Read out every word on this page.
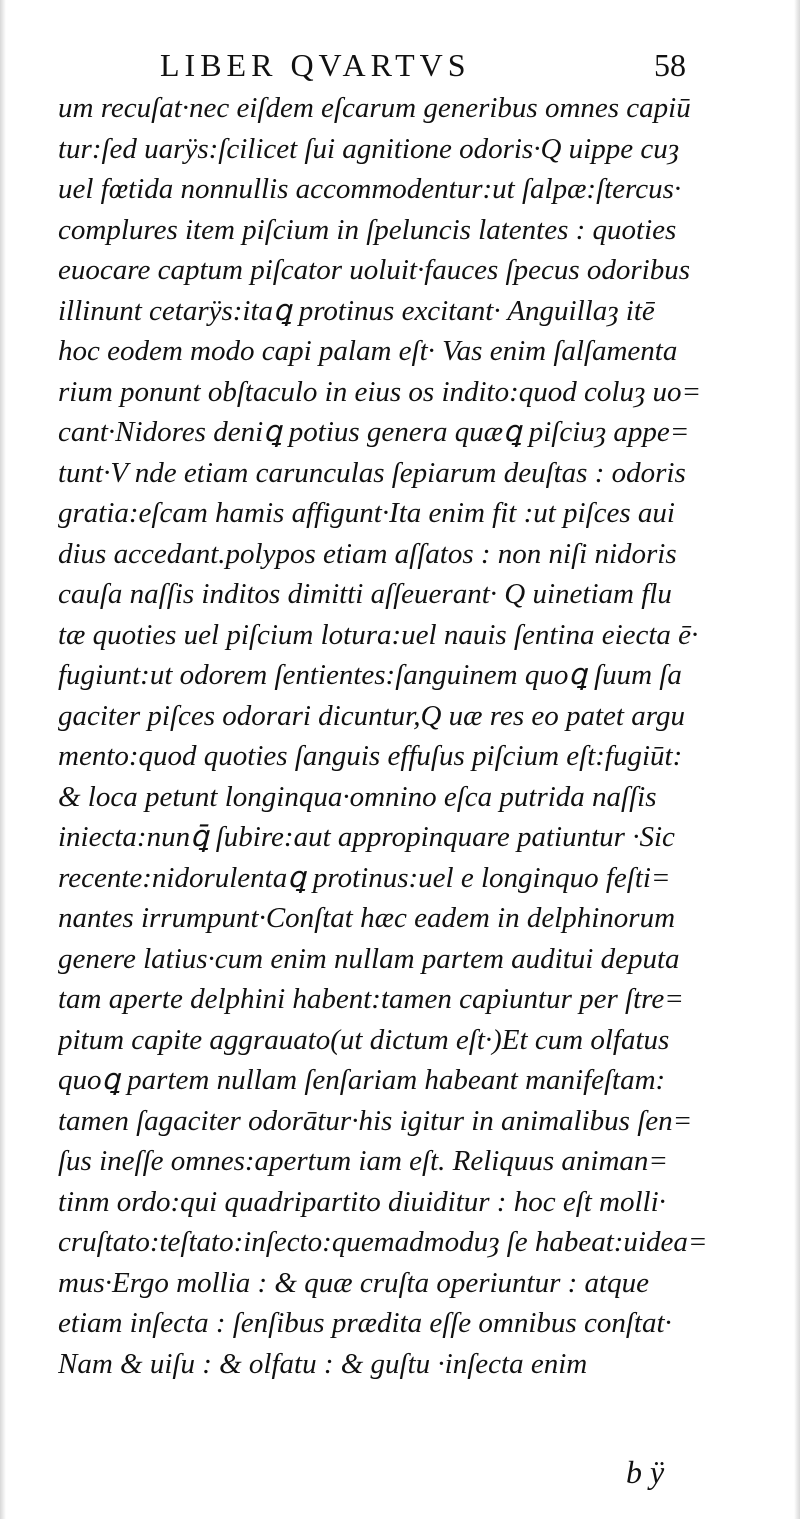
LIBER QVARTVS	58
um recuſat·nec eiſdem eſcarum generibus omnes capiū
tur:ſed uarÿs:ſcilicet ſui agnitione odoris·Q uippe cuȝ
uel fœtida nonnullis accommodentur:ut ſalpæ:ſtercus·
complures item piſcium in ſpeluncis latentes : quoties
euocare captum piſcator uoluit·fauces ſpecus odoribus
illinunt cetarÿs:itaꝗ protinus excitant· Anguillaȝ itē
hoc eodem modo capi palam eſt· Vas enim ſalſamenta
rium ponunt obſtaculo in eius os indito:quod coluȝ uo=
cant·Nidores deniꝗ potius genera quæꝗ piſciuȝ appe=
tunt·V nde etiam carunculas ſepiarum deuſtas : odoris
gratia:eſcam hamis affigunt·Ita enim fit :ut piſces aui
dius accedant.polypos etiam aſſatos : non niſi nidoris
cauſa naſſis inditos dimitti aſſeuerant· Q uinetiam flu
tæ quoties uel piſcium lotura:uel nauis ſentina eiecta ē·
fugiunt:ut odorem ſentientes:ſanguinem quoꝗ ſuum ſa
gaciter piſces odorari dicuntur,Q uæ res eo patet argu
mento:quod quoties ſanguis effuſus piſcium eſt:fugiūt:
& loca petunt longinqua·omnino eſca putrida naſſis
iniecta:nunꝗ̄ ſubire:aut appropinquare patiuntur ·Sic
recente:nidorulentaꝗ protinus:uel e longinquo feſti=
nantes irrumpunt·Conſtat hæc eadem in delphinorum
genere latius·cum enim nullam partem auditui deputa
tam aperte delphini habent:tamen capiuntur per ſtre=
pitum capite aggrauato(ut dictum eſt·)Et cum olfatus
quoꝗ partem nullam ſenſariam habeant manifeſtam:
tamen ſagaciter odorātur·his igitur in animalibus ſen=
ſus ineſſe omnes:apertum iam eſt. Reliquus animan=
tinm ordo:qui quadripartito diuiditur : hoc eſt molli·
cruſtato:teſtato:inſecto:quemadmoduȝ ſe habeat:uidea=
mus·Ergo mollia : & quæ cruſta operiuntur : atque
etiam inſecta : ſenſibus prædita eſſe omnibus conſtat·
Nam & uiſu : & olfatu : & guſtu ·inſecta enim
b ÿ
